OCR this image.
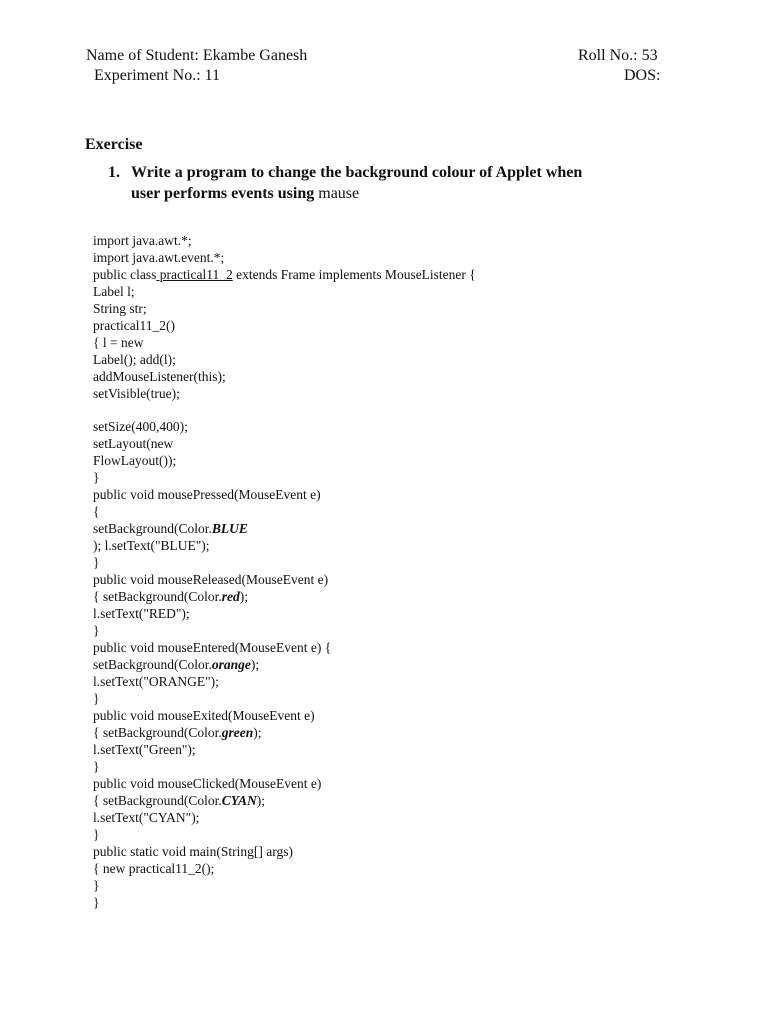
Name of Student: Ekambe Ganesh
Experiment No.: 11
Roll No.: 53
DOS:
Exercise
1. Write a program to change the background colour of Applet when
user performs events using mause
import java.awt.*;
import java.awt.event.*;
public class practical11_2 extends Frame implements MouseListener {
Label l;
String str;
practical11_2()
{ l = new
Label(); add(l);
addMouseListener(this);
setVisible(true);
setSize(400,400);
setLayout(new
FlowLayout());
}
public void mousePressed(MouseEvent e)
{
setBackground(Color.BLUE
); l.setText("BLUE");
}
public void mouseReleased(MouseEvent e)
{ setBackground(Color.red);
l.setText("RED");
}
public void mouseEntered(MouseEvent e) {
setBackground(Color.orange);
l.setText("ORANGE");
}
public void mouseExited(MouseEvent e)
{ setBackground(Color.green);
l.setText("Green");
}
public void mouseClicked(MouseEvent e)
{ setBackground(Color.CYAN);
l.setText("CYAN");
}
public static void main(String[] args)
{ new practical11_2();
}
}
